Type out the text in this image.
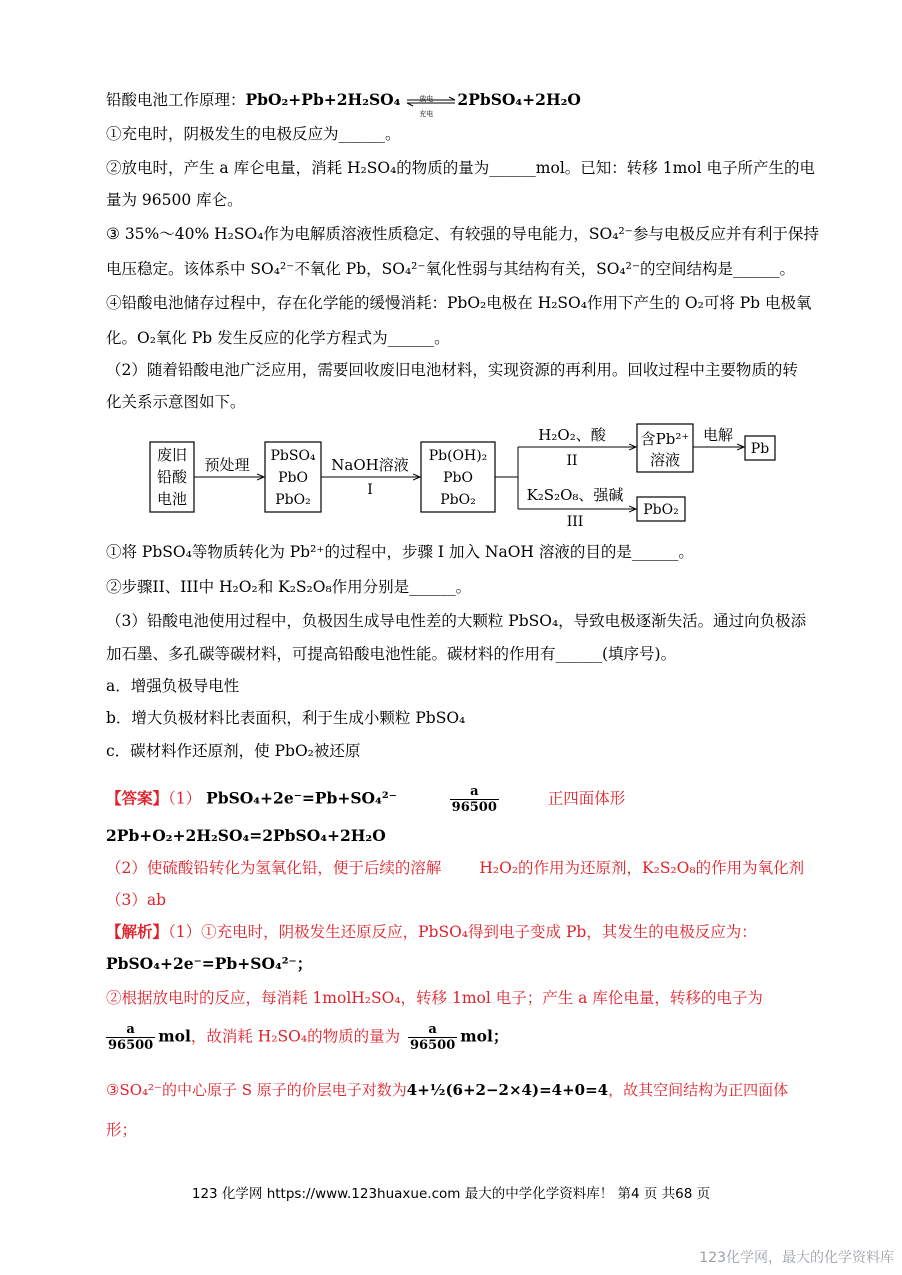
铅酸电池工作原理：PbO₂+Pb+2H₂SO₄	放电
充电
2PbSO₄+2H₂O
①充电时，阴极发生的电极反应为______。
②放电时，产生 a 库仑电量，消耗 H₂SO₄的物质的量为______mol。已知：转移 1mol 电子所产生的电
量为 96500 库仑。
③ 35%～40% H₂SO₄作为电解质溶液性质稳定、有较强的导电能力，SO₄²⁻参与电极反应并有利于保持
电压稳定。该体系中 SO₄²⁻不氧化 Pb，SO₄²⁻氧化性弱与其结构有关，SO₄²⁻的空间结构是______。
④铅酸电池储存过程中，存在化学能的缓慢消耗：PbO₂电极在 H₂SO₄作用下产生的 O₂可将 Pb 电极氧
化。O₂氧化 Pb 发生反应的化学方程式为______。
（2）随着铅酸电池广泛应用，需要回收废旧电池材料，实现资源的再利用。回收过程中主要物质的转
化关系示意图如下。
废旧
铅酸
电池
预处理 PbSO₄
PbO
PbO₂
NaOH溶液
I
Pb(OH)₂
PbO
PbO₂
H₂O₂、酸
II
K₂S₂O₈、强碱
III
含Pb²⁺
溶液
电解
Pb
PbO₂
①将 PbSO₄等物质转化为 Pb²⁺的过程中，步骤 I 加入 NaOH 溶液的目的是______。
②步骤II、III中 H₂O₂和 K₂S₂O₈作用分别是______。
（3）铅酸电池使用过程中，负极因生成导电性差的大颗粒 PbSO₄，导致电极逐渐失活。通过向负极添
加石墨、多孔碳等碳材料，可提高铅酸电池性能。碳材料的作用有______(填序号)。
a．增强负极导电性
b．增大负极材料比表面积，利于生成小颗粒 PbSO₄
c．碳材料作还原剂，使 PbO₂被还原
【答案】（1） PbSO₄+2e⁻=Pb+SO₄²⁻	$\frac{a}{96500}$	正四面体形
2Pb+O₂+2H₂SO₄=2PbSO₄+2H₂O
（2）使硫酸铅转化为氢氧化铅，便于后续的溶解 H₂O₂的作用为还原剂，K₂S₂O₈的作用为氧化剂
（3）ab
【解析】（1）①充电时，阴极发生还原反应，PbSO₄得到电子变成 Pb，其发生的电极反应为：
PbSO₄+2e⁻=Pb+SO₄²⁻；
②根据放电时的反应，每消耗 1molH₂SO₄，转移 1mol 电子；产生 a 库伦电量，转移的电子为
$\frac{a}{96500}$ mol，故消耗 H₂SO₄的物质的量为 $\frac{a}{96500}$ mol；
③SO₄²⁻的中心原子 S 原子的价层电子对数为4+½(6+2−2×4)=4+0=4，故其空间结构为正四面体
形；
123 化学网 https://www.123huaxue.com 最大的中学化学资料库！ 第4 页 共68 页
123化学网，最大的化学资料库
